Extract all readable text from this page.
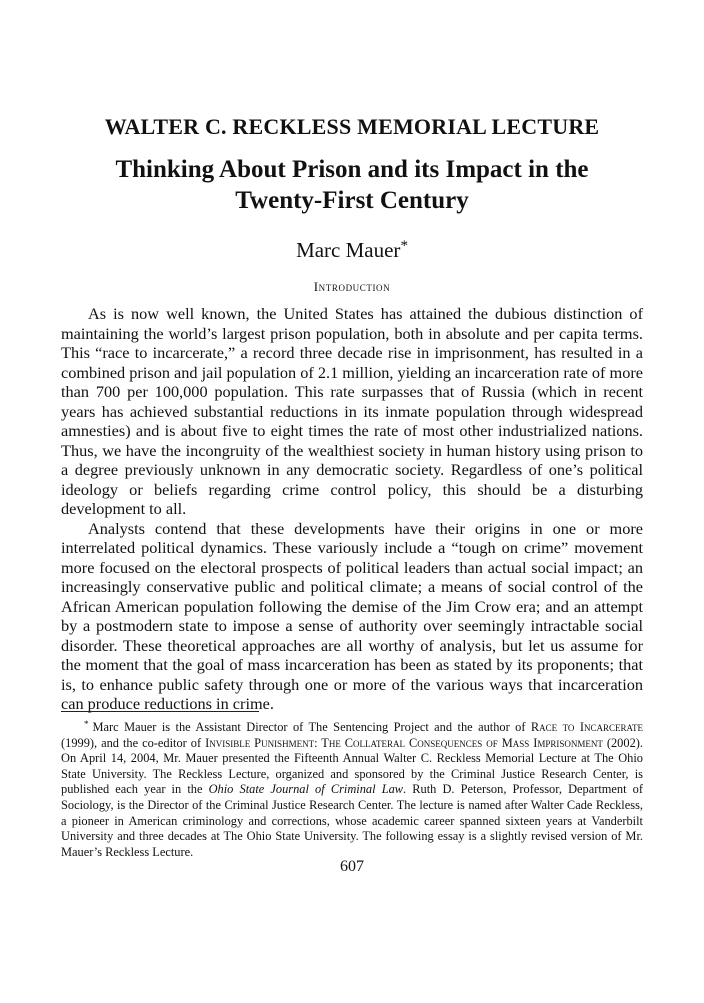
WALTER C. RECKLESS MEMORIAL LECTURE
Thinking About Prison and its Impact in the
Twenty-First Century
Marc Mauer*
Introduction

As is now well known, the United States has attained the dubious distinction of maintaining the world’s largest prison population, both in absolute and per capita terms. This “race to incarcerate,” a record three decade rise in imprisonment, has resulted in a combined prison and jail population of 2.1 million, yielding an incarceration rate of more than 700 per 100,000 population. This rate surpasses that of Russia (which in recent years has achieved substantial reductions in its inmate population through widespread amnesties) and is about five to eight times the rate of most other industrialized nations. Thus, we have the incongruity of the wealthiest society in human history using prison to a degree previously unknown in any democratic society. Regardless of one’s political ideology or beliefs regarding crime control policy, this should be a disturbing development to all.

Analysts contend that these developments have their origins in one or more interrelated political dynamics. These variously include a “tough on crime” movement more focused on the electoral prospects of political leaders than actual social impact; an increasingly conservative public and political climate; a means of social control of the African American population following the demise of the Jim Crow era; and an attempt by a postmodern state to impose a sense of authority over seemingly intractable social disorder. These theoretical approaches are all worthy of analysis, but let us assume for the moment that the goal of mass incarceration has been as stated by its proponents; that is, to enhance public safety through one or more of the various ways that incarceration can produce reductions in crime.

* Marc Mauer is the Assistant Director of The Sentencing Project and the author of Race to Incarcerate (1999), and the co-editor of Invisible Punishment: The Collateral Consequences of Mass Imprisonment (2002). On April 14, 2004, Mr. Mauer presented the Fifteenth Annual Walter C. Reckless Memorial Lecture at The Ohio State University. The Reckless Lecture, organized and sponsored by the Criminal Justice Research Center, is published each year in the Ohio State Journal of Criminal Law. Ruth D. Peterson, Professor, Department of Sociology, is the Director of the Criminal Justice Research Center. The lecture is named after Walter Cade Reckless, a pioneer in American criminology and corrections, whose academic career spanned sixteen years at Vanderbilt University and three decades at The Ohio State University. The following essay is a slightly revised version of Mr. Mauer’s Reckless Lecture.

607
